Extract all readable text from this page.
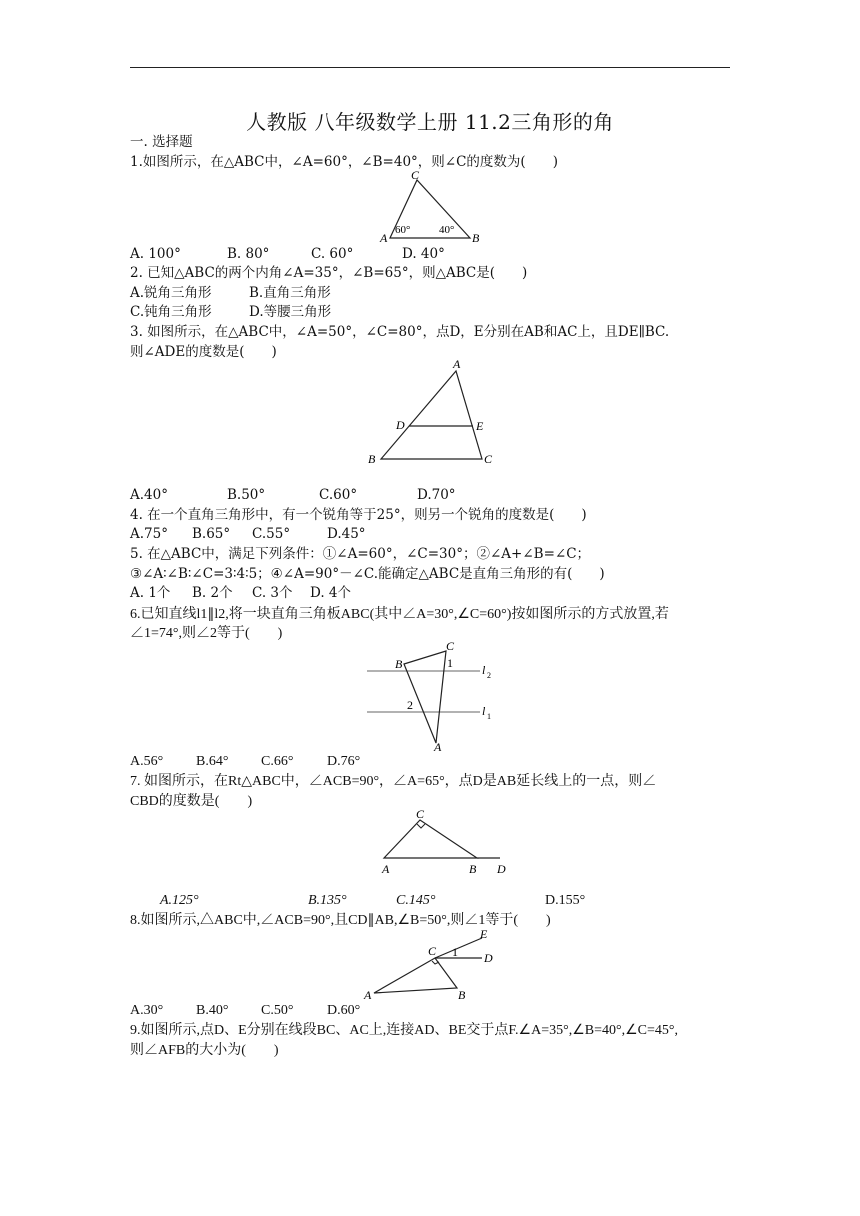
人教版 八年级数学上册 11.2三角形的角
一. 选择题
1.如图所示，在△ABC中，∠A=60°，∠B=40°，则∠C的度数为(　　)
C
A	B
60°	40°
A. 100°	B. 80°	C. 60°	D. 40°
2. 已知△ABC的两个内角∠A=35°，∠B=65°，则△ABC是(　　)
A.锐角三角形	B.直角三角形
C.钝角三角形	D.等腰三角形
3. 如图所示，在△ABC中，∠A=50°，∠C=80°，点D，E分别在AB和AC上，且DE∥BC.
则∠ADE的度数是(　　)
A
B	C
D	E
A.40°	B.50°	C.60°	D.70°
4. 在一个直角三角形中，有一个锐角等于25°，则另一个锐角的度数是(　　)
A.75° B.65° C.55°	D.45°
5. 在△ABC中，满足下列条件：①∠A=60°，∠C=30°；②∠A+∠B=∠C；
③∠A∶∠B∶∠C=3∶4∶5；④∠A=90°－∠C.能确定△ABC是直角三角形的有(　　)
A. 1个 B. 2个 C. 3个 D. 4个
6.已知直线l1∥l2,将一块直角三角板ABC(其中∠A=30°,∠C=60°)按如图所示的方式放置,若
∠1=74°,则∠2等于(　　)
B
C
A
1
2
l 2
l 1
A.56° B.64° C.66° D.76°
7. 如图所示，在Rt△ABC中，∠ACB=90°，∠A=65°，点D是AB延长线上的一点，则∠
CBD的度数是(　　)
C
A	B D
A.125°	B.135°	C.145°	D.155°
8.如图所示,△ABC中,∠ACB=90°,且CD∥AB,∠B=50°,则∠1等于(　　)
E
C 1 D
A	B
A.30° B.40° C.50° D.60°
9.如图所示,点D、E分别在线段BC、AC上,连接AD、BE交于点F.∠A=35°,∠B=40°,∠C=45°,
则∠AFB的大小为(　　)
